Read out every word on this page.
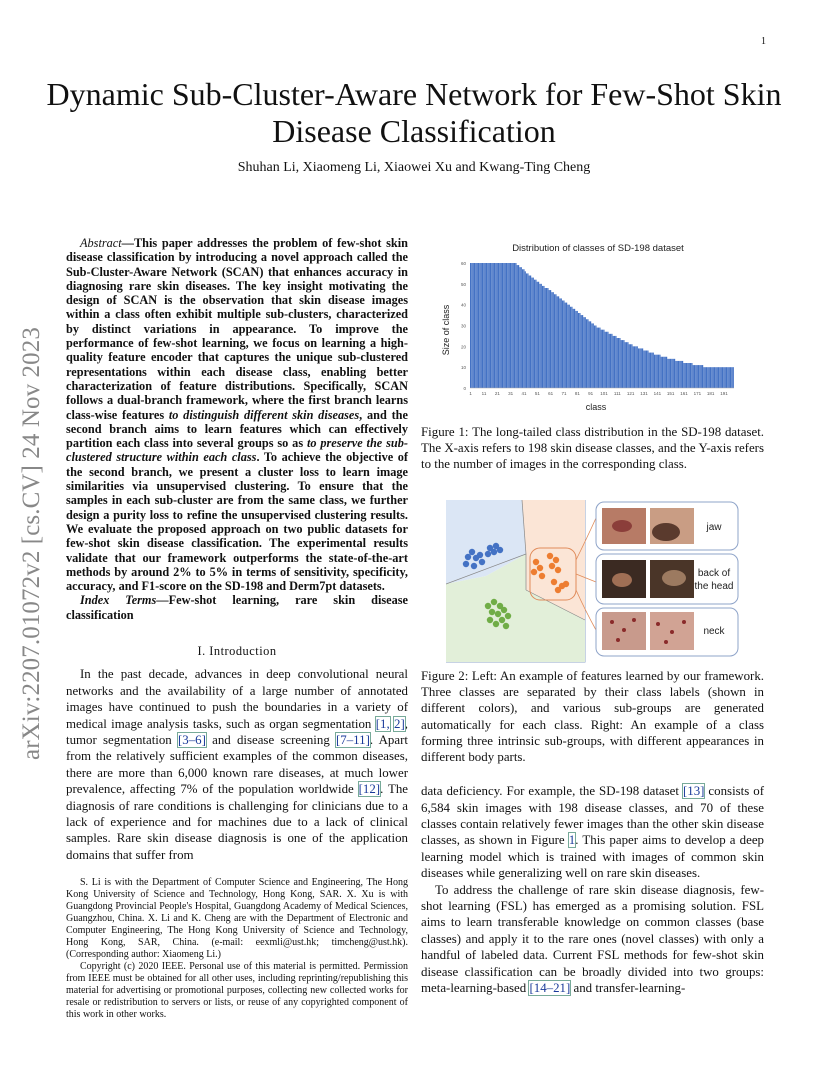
1
arXiv:2207.01072v2 [cs.CV] 24 Nov 2023
Dynamic Sub-Cluster-Aware Network for Few-Shot Skin Disease Classification
Shuhan Li, Xiaomeng Li, Xiaowei Xu and Kwang-Ting Cheng

Abstract—This paper addresses the problem of few-shot skin disease classification by introducing a novel approach called the Sub-Cluster-Aware Network (SCAN) that enhances accuracy in diagnosing rare skin diseases. The key insight motivating the design of SCAN is the observation that skin disease images within a class often exhibit multiple sub-clusters, characterized by distinct variations in appearance. To improve the performance of few-shot learning, we focus on learning a high-quality feature encoder that captures the unique sub-clustered representations within each disease class, enabling better characterization of feature distributions. Specifically, SCAN follows a dual-branch framework, where the first branch learns class-wise features to distinguish different skin diseases, and the second branch aims to learn features which can effectively partition each class into several groups so as to preserve the sub-clustered structure within each class. To achieve the objective of the second branch, we present a cluster loss to learn image similarities via unsupervised clustering. To ensure that the samples in each sub-cluster are from the same class, we further design a purity loss to refine the unsupervised clustering results. We evaluate the proposed approach on two public datasets for few-shot skin disease classification. The experimental results validate that our framework outperforms the state-of-the-art methods by around 2% to 5% in terms of sensitivity, specificity, accuracy, and F1-score on the SD-198 and Derm7pt datasets.

Index Terms—Few-shot learning, rare skin disease classification

I. Introduction

In the past decade, advances in deep convolutional neural networks and the availability of a large number of annotated images have continued to push the boundaries in a variety of medical image analysis tasks, such as organ segmentation [1, 2], tumor segmentation [3–6] and disease screening [7–11]. Apart from the relatively sufficient examples of the common diseases, there are more than 6,000 known rare diseases, at much lower prevalence, affecting 7% of the population worldwide [12]. The diagnosis of rare conditions is challenging for clinicians due to a lack of experience and for machines due to a lack of clinical samples. Rare skin disease diagnosis is one of the application domains that suffer from

S. Li is with the Department of Computer Science and Engineering, The Hong Kong University of Science and Technology, Hong Kong, SAR. X. Xu is with Guangdong Provincial People's Hospital, Guangdong Academy of Medical Sciences, Guangzhou, China. X. Li and K. Cheng are with the Department of Electronic and Computer Engineering, The Hong Kong University of Science and Technology, Hong Kong, SAR, China. (e-mail: eexmli@ust.hk; timcheng@ust.hk). (Corresponding author: Xiaomeng Li.)

Copyright (c) 2020 IEEE. Personal use of this material is permitted. Permission from IEEE must be obtained for all other uses, including reprinting/republishing this material for advertising or promotional purposes, collecting new collected works for resale or redistribution to servers or lists, or reuse of any copyrighted component of this work in other works.

Distribution of classes of SD-198 dataset
Size of class
class
0
10
20
30
40
50
60
1 11 21 31 41 51 61 71 81 91 101 111 121 131 141 151 161 171 181 191

Figure 1: The long-tailed class distribution in the SD-198 dataset. The X-axis refers to 198 skin disease classes, and the Y-axis refers to the number of images in the corresponding class.

jaw
back of
the head
neck

Figure 2: Left: An example of features learned by our framework. Three classes are separated by their class labels (shown in different colors), and various sub-groups are generated automatically for each class. Right: An example of a class forming three intrinsic sub-groups, with different appearances in different body parts.

data deficiency. For example, the SD-198 dataset [13] consists of 6,584 skin images with 198 disease classes, and 70 of these classes contain relatively fewer images than the other skin disease classes, as shown in Figure 1. This paper aims to develop a deep learning model which is trained with images of common skin diseases while generalizing well on rare skin diseases.

To address the challenge of rare skin disease diagnosis, few-shot learning (FSL) has emerged as a promising solution. FSL aims to learn transferable knowledge on common classes (base classes) and apply it to the rare ones (novel classes) with only a handful of labeled data. Current FSL methods for few-shot skin disease classification can be broadly divided into two groups: meta-learning-based [14–21] and transfer-learning-
